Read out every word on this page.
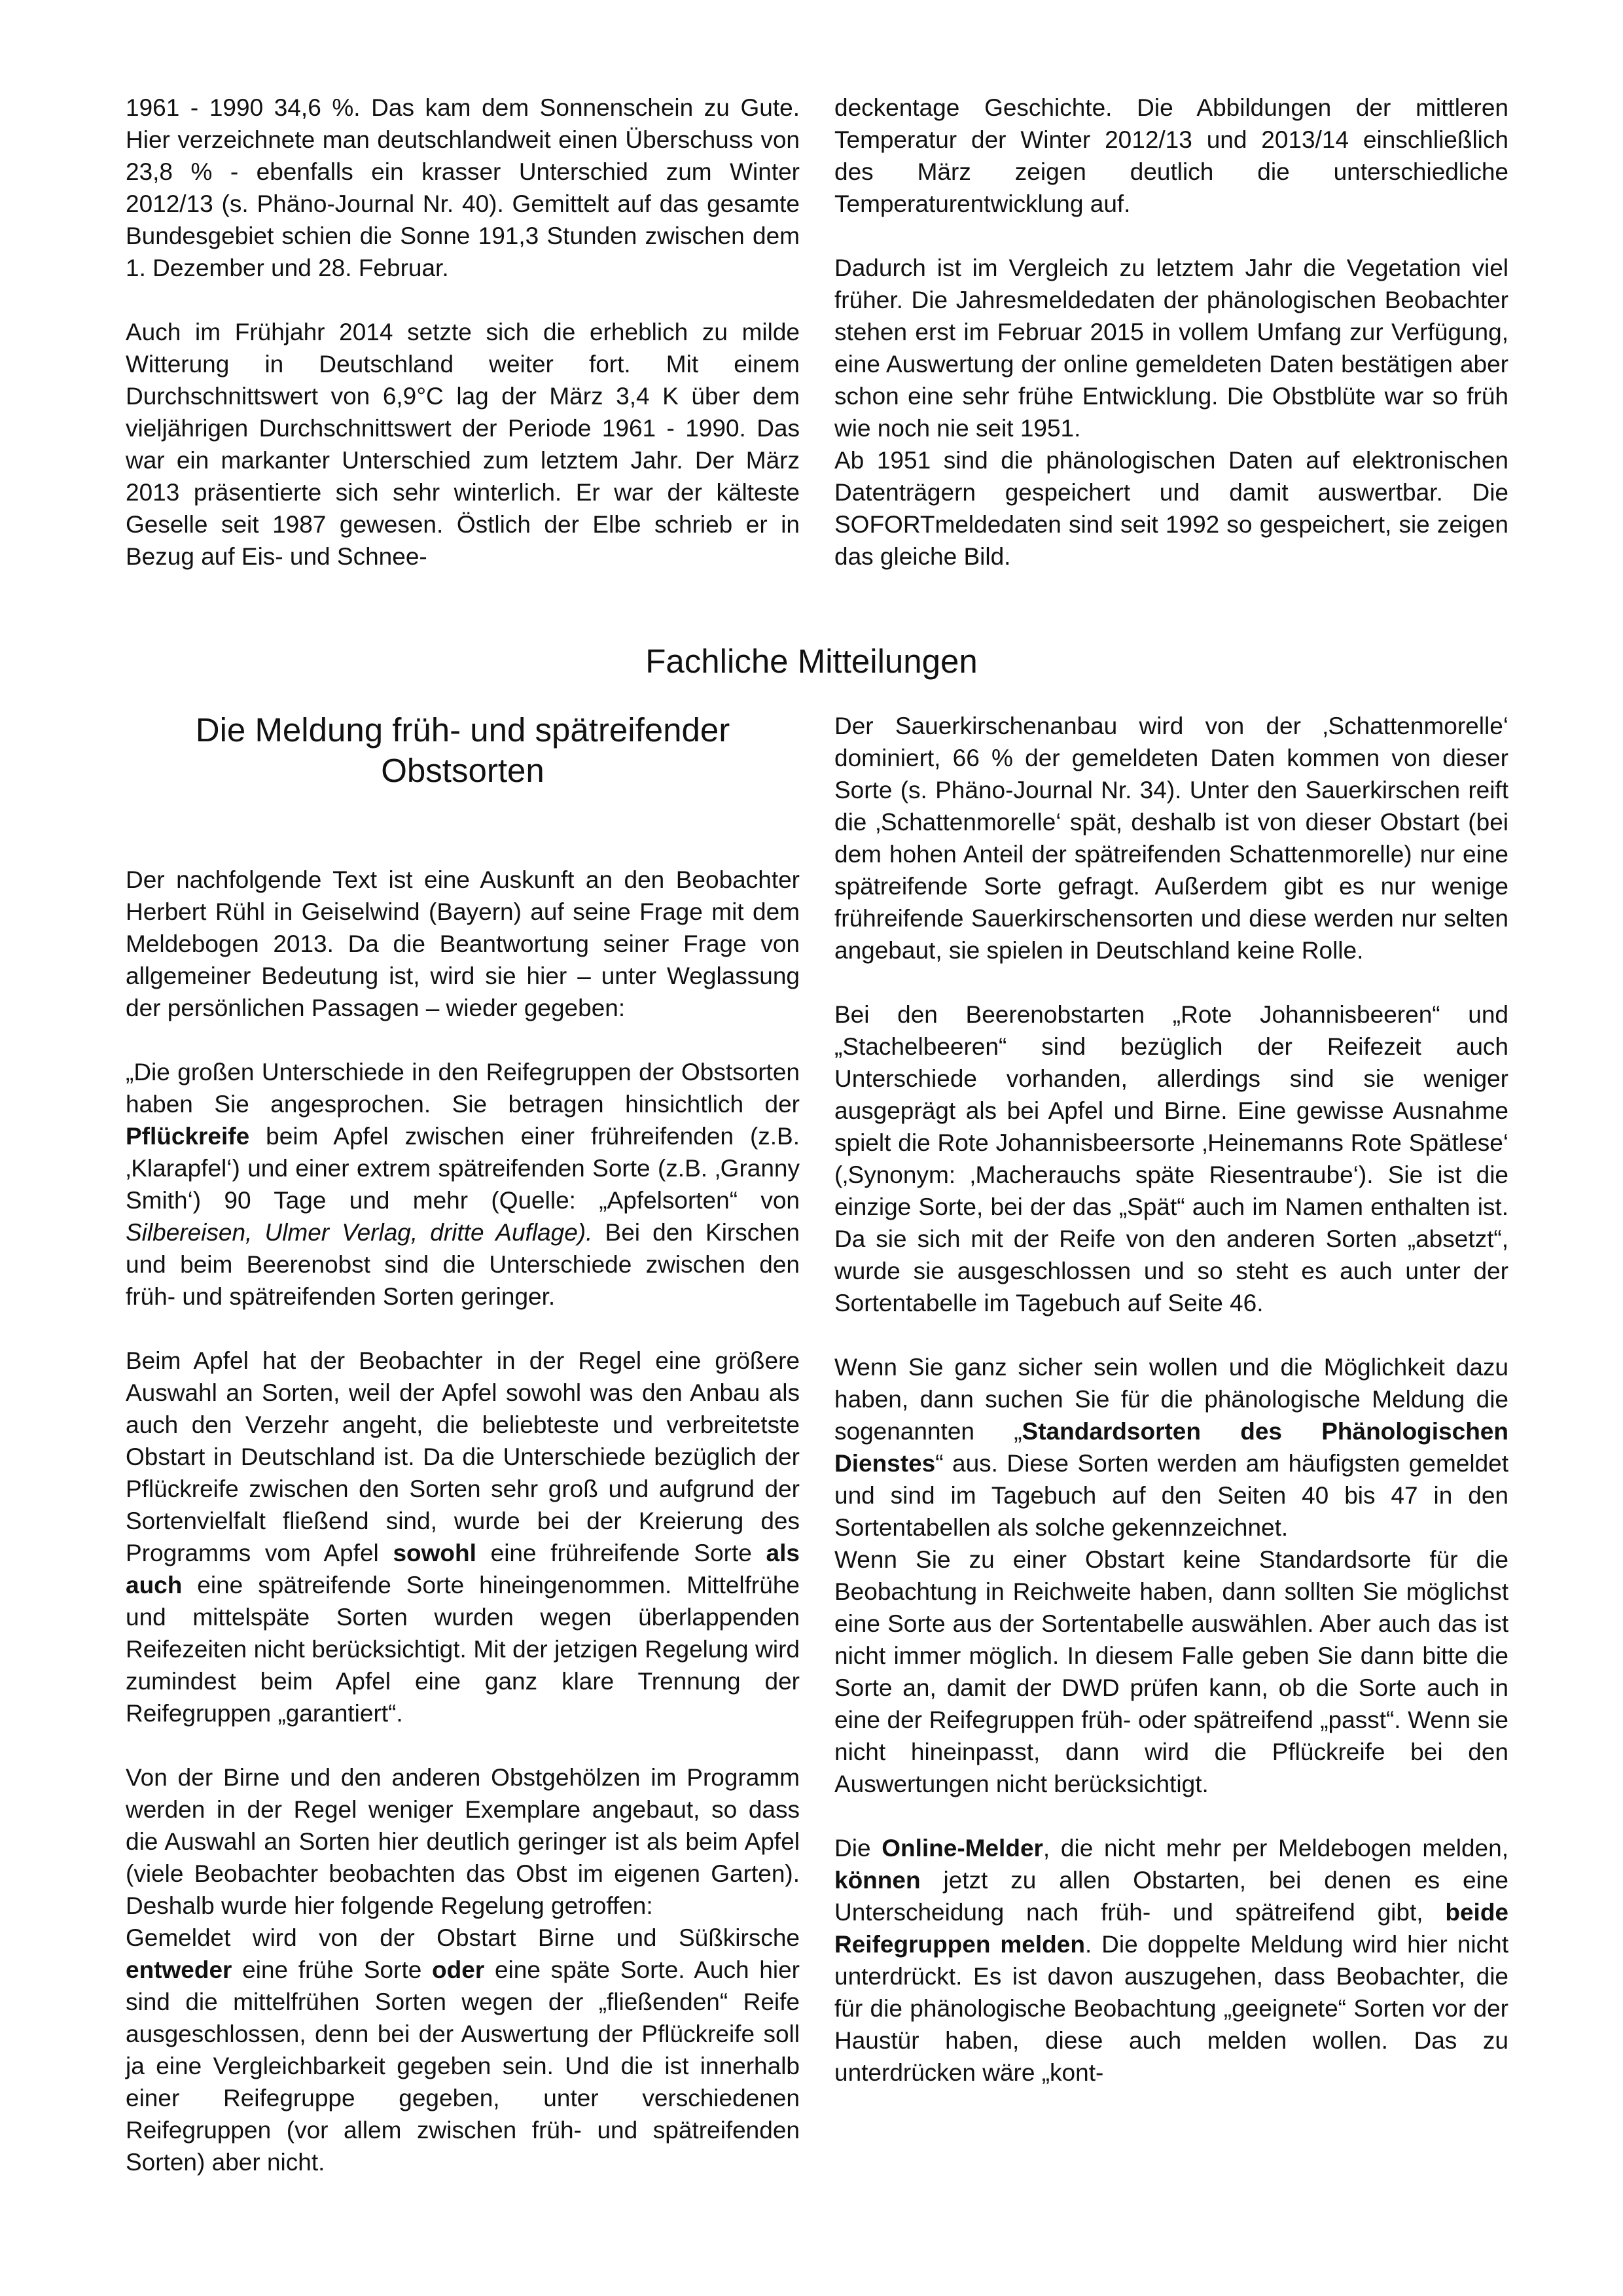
1961 - 1990 34,6 %. Das kam dem Sonnenschein zu Gute. Hier verzeichnete man deutschlandweit einen Überschuss von 23,8 % - ebenfalls ein krasser Unterschied zum Winter 2012/13 (s. Phäno-Journal Nr. 40). Gemittelt auf das gesamte Bundesgebiet schien die Sonne 191,3 Stunden zwischen dem 1. Dezember und 28. Februar.

Auch im Frühjahr 2014 setzte sich die erheblich zu milde Witterung in Deutschland weiter fort. Mit einem Durchschnittswert von 6,9°C lag der März 3,4 K über dem vieljährigen Durchschnittswert der Periode 1961 - 1990. Das war ein markanter Unterschied zum letztem Jahr. Der März 2013 präsentierte sich sehr winterlich. Er war der kälteste Geselle seit 1987 gewesen. Östlich der Elbe schrieb er in Bezug auf Eis- und Schnee-

deckentage Geschichte. Die Abbildungen der mittleren Temperatur der Winter 2012/13 und 2013/14 einschließlich des März zeigen deutlich die unterschiedliche Temperaturentwicklung auf.

Dadurch ist im Vergleich zu letztem Jahr die Vegetation viel früher. Die Jahresmeldedaten der phänologischen Beobachter stehen erst im Februar 2015 in vollem Umfang zur Verfügung, eine Auswertung der online gemeldeten Daten bestätigen aber schon eine sehr frühe Entwicklung. Die Obstblüte war so früh wie noch nie seit 1951.

Ab 1951 sind die phänologischen Daten auf elektronischen Datenträgern gespeichert und damit auswertbar. Die SOFORTmeldedaten sind seit 1992 so gespeichert, sie zeigen das gleiche Bild.

Fachliche Mitteilungen
Die Meldung früh- und spätreifender Obstsorten

Der nachfolgende Text ist eine Auskunft an den Beobachter Herbert Rühl in Geiselwind (Bayern) auf seine Frage mit dem Meldebogen 2013. Da die Beantwortung seiner Frage von allgemeiner Bedeutung ist, wird sie hier – unter Weglassung der persönlichen Passagen – wieder gegeben:

„Die großen Unterschiede in den Reifegruppen der Obstsorten haben Sie angesprochen. Sie betragen hinsichtlich der Pflückreife beim Apfel zwischen einer frühreifenden (z.B. ‚Klarapfel‘) und einer extrem spätreifenden Sorte (z.B. ‚Granny Smith‘) 90 Tage und mehr (Quelle: „Apfelsorten“ von Silbereisen, Ulmer Verlag, dritte Auflage). Bei den Kirschen und beim Beerenobst sind die Unterschiede zwischen den früh- und spätreifenden Sorten geringer.

Beim Apfel hat der Beobachter in der Regel eine größere Auswahl an Sorten, weil der Apfel sowohl was den Anbau als auch den Verzehr angeht, die beliebteste und verbreitetste Obstart in Deutschland ist. Da die Unterschiede bezüglich der Pflückreife zwischen den Sorten sehr groß und aufgrund der Sortenvielfalt fließend sind, wurde bei der Kreierung des Programms vom Apfel sowohl eine frühreifende Sorte als auch eine spätreifende Sorte hineingenommen. Mittelfrühe und mittelspäte Sorten wurden wegen überlappenden Reifezeiten nicht berücksichtigt. Mit der jetzigen Regelung wird zumindest beim Apfel eine ganz klare Trennung der Reifegruppen „garantiert“.

Von der Birne und den anderen Obstgehölzen im Programm werden in der Regel weniger Exemplare angebaut, so dass die Auswahl an Sorten hier deutlich geringer ist als beim Apfel (viele Beobachter beobachten das Obst im eigenen Garten). Deshalb wurde hier folgende Regelung getroffen:

Gemeldet wird von der Obstart Birne und Süßkirsche entweder eine frühe Sorte oder eine späte Sorte. Auch hier sind die mittelfrühen Sorten wegen der „fließenden“ Reife ausgeschlossen, denn bei der Auswertung der Pflückreife soll ja eine Vergleichbarkeit gegeben sein. Und die ist innerhalb einer Reifegruppe gegeben, unter verschiedenen Reifegruppen (vor allem zwischen früh- und spätreifenden Sorten) aber nicht.

Der Sauerkirschenanbau wird von der ‚Schattenmorelle‘ dominiert, 66 % der gemeldeten Daten kommen von dieser Sorte (s. Phäno-Journal Nr. 34). Unter den Sauerkirschen reift die ‚Schattenmorelle‘ spät, deshalb ist von dieser Obstart (bei dem hohen Anteil der spätreifenden Schattenmorelle) nur eine spätreifende Sorte gefragt. Außerdem gibt es nur wenige frühreifende Sauerkirschensorten und diese werden nur selten angebaut, sie spielen in Deutschland keine Rolle.

Bei den Beerenobstarten „Rote Johannisbeeren“ und „Stachelbeeren“ sind bezüglich der Reifezeit auch Unterschiede vorhanden, allerdings sind sie weniger ausgeprägt als bei Apfel und Birne. Eine gewisse Ausnahme spielt die Rote Johannisbeersorte ‚Heinemanns Rote Spätlese‘ (‚Synonym: ‚Macherauchs späte Riesentraube‘). Sie ist die einzige Sorte, bei der das „Spät“ auch im Namen enthalten ist. Da sie sich mit der Reife von den anderen Sorten „absetzt“, wurde sie ausgeschlossen und so steht es auch unter der Sortentabelle im Tagebuch auf Seite 46.

Wenn Sie ganz sicher sein wollen und die Möglichkeit dazu haben, dann suchen Sie für die phänologische Meldung die sogenannten „Standardsorten des Phänologischen Dienstes“ aus. Diese Sorten werden am häufigsten gemeldet und sind im Tagebuch auf den Seiten 40 bis 47 in den Sortentabellen als solche gekennzeichnet.

Wenn Sie zu einer Obstart keine Standardsorte für die Beobachtung in Reichweite haben, dann sollten Sie möglichst eine Sorte aus der Sortentabelle auswählen. Aber auch das ist nicht immer möglich. In diesem Falle geben Sie dann bitte die Sorte an, damit der DWD prüfen kann, ob die Sorte auch in eine der Reifegruppen früh- oder spätreifend „passt“. Wenn sie nicht hineinpasst, dann wird die Pflückreife bei den Auswertungen nicht berücksichtigt.

Die Online-Melder, die nicht mehr per Meldebogen melden, können jetzt zu allen Obstarten, bei denen es eine Unterscheidung nach früh- und spätreifend gibt, beide Reifegruppen melden. Die doppelte Meldung wird hier nicht unterdrückt. Es ist davon auszugehen, dass Beobachter, die für die phänologische Beobachtung „geeignete“ Sorten vor der Haustür haben, diese auch melden wollen. Das zu unterdrücken wäre „kont-
